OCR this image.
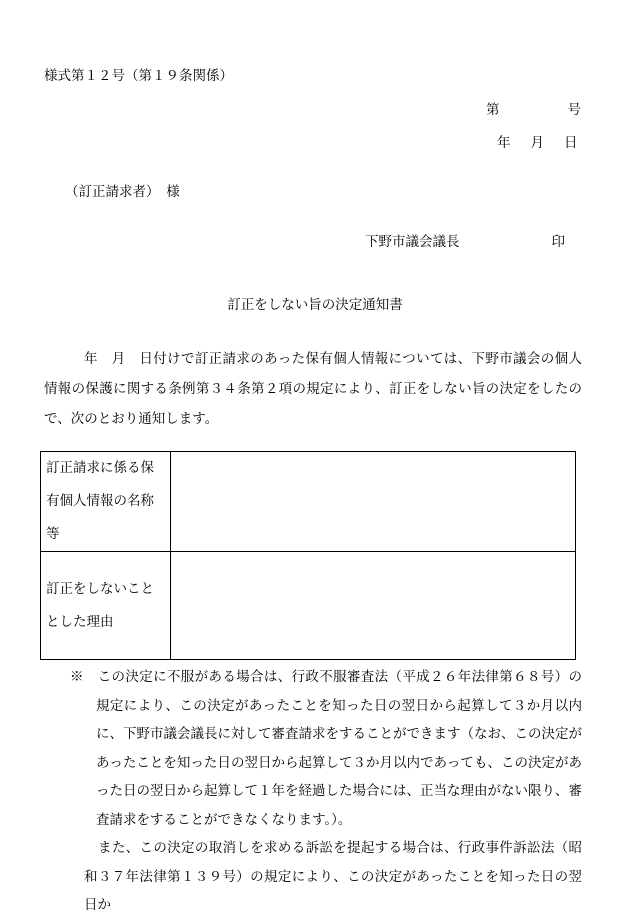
様式第１２号（第１９条関係）
第	号
年 月 日
（訂正請求者）　様
下野市議会議長	印
訂正をしない旨の決定通知書
年　月　日付けで訂正請求のあった保有個人情報については、下野市議会の個人情報の保護に関する条例第３４条第２項の規定により、訂正をしない旨の決定をしたので、次のとおり通知します。
訂正請求に係る保有個人情報の名称等	

訂正をしないこととした理由	

※　この決定に不服がある場合は、行政不服審査法（平成２６年法律第６８号）の規定により、この決定があったことを知った日の翌日から起算して３か月以内に、下野市議会議長に対して審査請求をすることができます（なお、この決定があったことを知った日の翌日から起算して３か月以内であっても、この決定があった日の翌日から起算して１年を経過した場合には、正当な理由がない限り、審査請求をすることができなくなります。）。

また、この決定の取消しを求める訴訟を提起する場合は、行政事件訴訟法（昭和３７年法律第１３９号）の規定により、この決定があったことを知った日の翌日か
